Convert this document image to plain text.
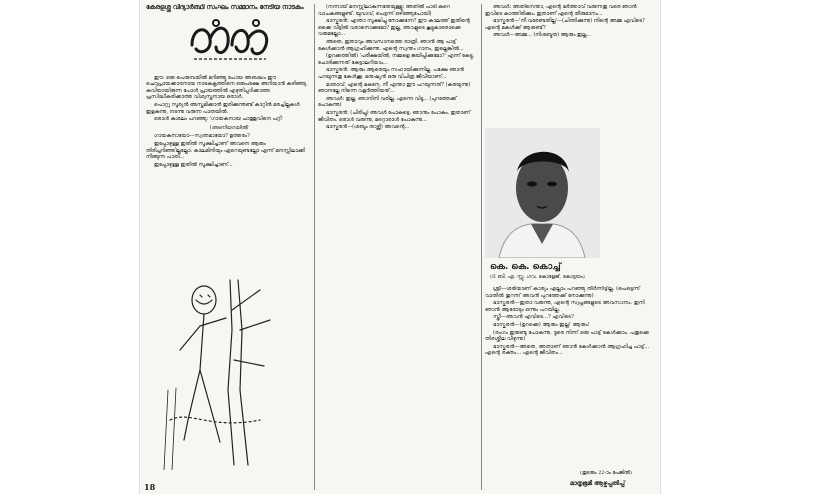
കേരളശ്ശ വിദ്യാർത്ഥി സംഘം സമ്മാനം നേടിയ നാടകം

ഈ: ഒരു പെരുമ്പയിൽ മറിഞ്ഞു പോയ അബദ്ധം ഈ ചെറുപ്രായക്കാരനായ നാടകകൃത്തിനെ ഒരുപക്ഷേ അറിയാൻ കഴിഞ്ഞു. കവിയായിരുന്ന പോൾ പ്രായത്തിൽ എഴുതിപ്പഠിക്കാത്ത പ്രസിദ്ധീകരിക്കാത്ത വിശ്വസ്തനായ ഒരാൾ.

പൊറ്റു സൂര്യൻ അസ്തമിക്കാൻ ഇരിക്കുന്നുണ്ട് കാറ്റിൻ മരച്ചില്ലകൾ ഇളകുന്നു, നടന്നു വരുന്ന പാതയിൽ.

ഒരാൾ കുശലം പറഞ്ഞു: 'ഗായകനായ ചാത്തുവിനെ പറ്റി'

(അണിയറയിൽ)

ഗായകനായോ—സ്വന്തമായോ? ഉത്തരം?

ഇപ്പോഴുള്ള ഇതിൽ സൂക്ഷിച്ചാണ് അവനെ ആരും തിരിച്ചറിഞ്ഞില്ലല്ലോ. കാലമിനിയും ഏറെയുണ്ടല്ലോ എന്ന് മനസ്സിലാക്കി നീങ്ങുന്ന പാതി...

ഇപ്പോഴുള്ള ഇതിൽ സൂക്ഷിച്ചാണ്...

(നന്നായ് മനസ്സിലാകുന്നതേയുള്ളൂ; അതിൽ പാടി കുറെ വാചകങ്ങളുണ്ട്. യുവാവ്, പെട്ടന്ന് ഒഴിഞ്ഞുപോയി)

ഭാസ്കരൻ: എന്താ സൂക്ഷിച്ചു നോക്കുന്നേ? ഈ കാലത്ത് ഇതിന്റെ ഒക്കെ വീട്ടിൽ വരാനൊക്കുമോ? ഇല്ല, അവളുടെ കൂട്ടുകാരൊക്കെ വരുമല്ലോ...

അതെ, ഇതാവും അവസാനത്തെ രാത്രി. ഞാൻ ആ പാട്ട് കേൾക്കാൻ ആഗ്രഹിക്കുന്നു. എന്റെ സ്വന്തം ഗാനം, ഇല്ലെങ്കിൽ...

(ഉറക്കത്തിൽ) 'പരീക്ഷയിൽ, നമ്മളെ ജയിപ്പിക്കുമോ?' എന്ന് കേട്ടു. ചോദിക്കുന്നത് കേട്ടാലറിയാം...

ഭാസ്കരൻ: ആരും ആരെയും സഹായിക്കുന്നില്ല. പക്ഷേ ഞാൻ പറയുന്നതു കേൾക്കൂ. മനുഷ്യൻ ഒരു വിചിത്ര ജീവിയാണ്...

മാതാവ്: എന്റെ മകനേ, നീ എന്താ ഈ പറയുന്നത്? (കരയുന്നു) ഞാനല്ലേ നിന്നെ വളർത്തിയത്...

അവൾ: ഇല്ല, ഞാനിനി വരില്ല. എന്നെ വിടൂ... (പുറത്തേക്ക് പോകുന്നു)

ഭാസ്കരൻ: (ചിരിച്ചു) അവൾ പോകട്ടെ. ഞാനും പോകും. ഇതാണ് ജീവിതം. ഒരാൾ വരുന്നു, മറ്റൊരാൾ പോകുന്നു...

ഭാസ്കരൻ—(ശബ്ദം താഴ്ത്തി) അവന്റെ...

അവൾ: അതിനെന്താ, എന്റെ ഭർത്താവ് വരുന്നതു വരെ ഞാൻ ഇവിടെ കാത്തിരിക്കും. ഇതാണ് എന്റെ തീരുമാനം...

ഭാസ്കരൻ—'നീ വരേണ്ടതില്ല'—(ചിന്തിക്കുന്നു) നിന്റെ അമ്മ എവിടെ? എന്റെ മകൾക്ക് ആരുണ്ട്?

അവൾ—അമ്മ... (നിശബ്ദത) ആരും ഇല്ല...

കെ. കെ. കൊച്ച്
(II ബി. എ. സ്റ്റു. ഗവ. കോളേജ്, കോട്ടയം)

ശ്രീ—ശരിയാണ് കാര്യം എല്ലാം പറഞ്ഞു തീർന്നിട്ടില്ല. (പെട്ടെന്ന് വാതിൽ തുറന്ന് അവൻ പുറത്തേക്ക് നോക്കുന്നു)

ഭാസ്കരൻ—ഇതാ വരുന്നു, എന്റെ സ്വപ്നങ്ങളുടെ അവസാനം. ഇനി ഞാൻ ആരോടും ഒന്നും പറയില്ല.

സ്ത്രീ—അവൻ എവിടെ...? എവിടെ?

ഭാസ്കരൻ—(ഉറക്കെ) ആരും ഇല്ല! ആരും!

(രംഗം ഇരുണ്ടു പോകുന്നു. ദൂരെ നിന്ന് ഒരു പാട്ട് കേൾക്കാം. പതുക്കെ തിരശ്ശീല വീഴുന്നു)

ഭാസ്കരൻ—അതെ, അതാണ് ഞാൻ കേൾക്കാൻ ആഗ്രഹിച്ച പാട്ട്... എന്റെ രക്തം... എന്റെ ജീവിതം...

(തുടരും 22-ാം പേജിൽ)
മാതൃഭൂമി ആഴ്ചപ്പതിപ്പ്
18
